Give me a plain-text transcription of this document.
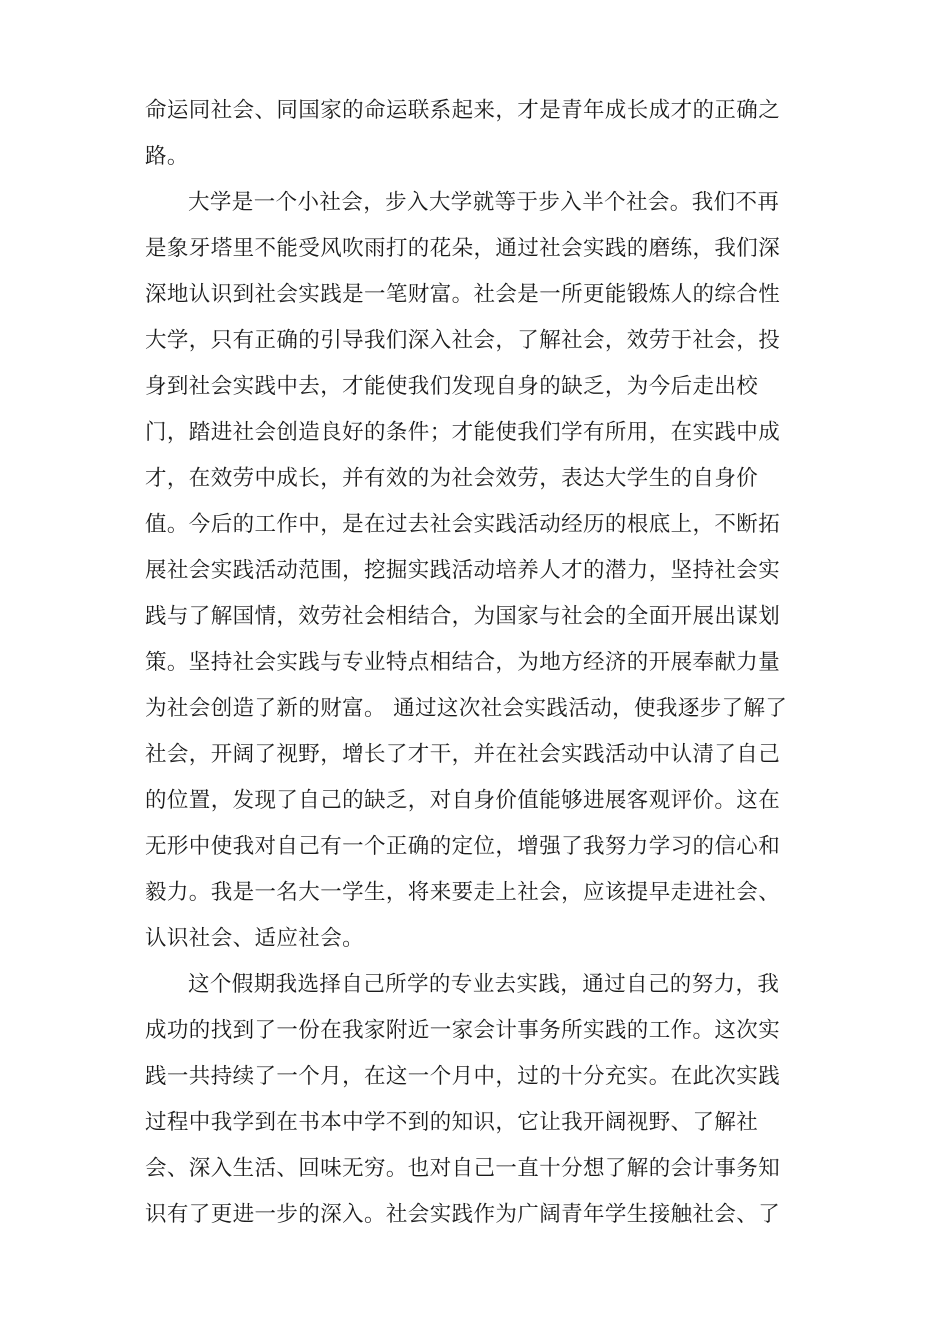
命运同社会、同国家的命运联系起来，才是青年成长成才的正确之
路。
大学是一个小社会，步入大学就等于步入半个社会。我们不再
是象牙塔里不能受风吹雨打的花朵，通过社会实践的磨练，我们深
深地认识到社会实践是一笔财富。社会是一所更能锻炼人的综合性
大学，只有正确的引导我们深入社会，了解社会，效劳于社会，投
身到社会实践中去，才能使我们发现自身的缺乏，为今后走出校
门，踏进社会创造良好的条件；才能使我们学有所用，在实践中成
才，在效劳中成长，并有效的为社会效劳，表达大学生的自身价
值。今后的工作中，是在过去社会实践活动经历的根底上，不断拓
展社会实践活动范围，挖掘实践活动培养人才的潜力，坚持社会实
践与了解国情，效劳社会相结合，为国家与社会的全面开展出谋划
策。坚持社会实践与专业特点相结合，为地方经济的开展奉献力量
为社会创造了新的财富。 通过这次社会实践活动，使我逐步了解了
社会，开阔了视野，增长了才干，并在社会实践活动中认清了自己
的位置，发现了自己的缺乏，对自身价值能够进展客观评价。这在
无形中使我对自己有一个正确的定位，增强了我努力学习的信心和
毅力。我是一名大一学生，将来要走上社会，应该提早走进社会、
认识社会、适应社会。
这个假期我选择自己所学的专业去实践，通过自己的努力，我
成功的找到了一份在我家附近一家会计事务所实践的工作。这次实
践一共持续了一个月，在这一个月中，过的十分充实。在此次实践
过程中我学到在书本中学不到的知识，它让我开阔视野、了解社
会、深入生活、回味无穷。也对自己一直十分想了解的会计事务知
识有了更进一步的深入。社会实践作为广阔青年学生接触社会、了
